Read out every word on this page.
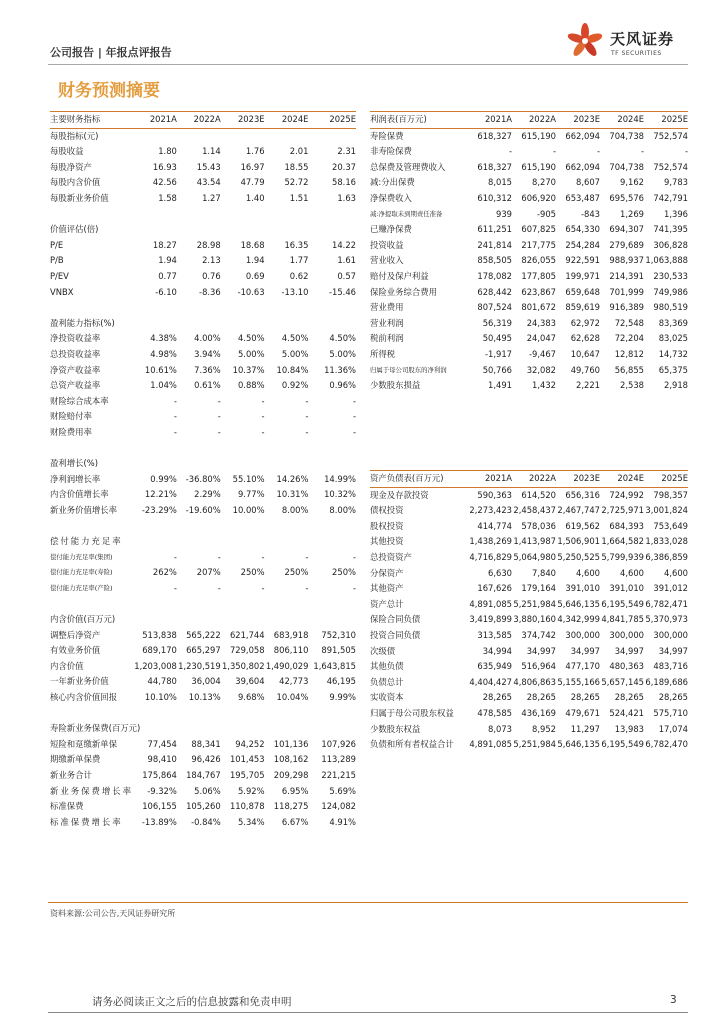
公司报告 | 年报点评报告
天风证券
TF SECURITIES
财务预测摘要
主要财务指标	2021A	2022A	2023E	2024E	2025E
每股指标(元)					
每股收益	1.80	1.14	1.76	2.01	2.31
每股净资产	16.93	15.43	16.97	18.55	20.37
每股内含价值	42.56	43.54	47.79	52.72	58.16
每股新业务价值	1.58	1.27	1.40	1.51	1.63

价值评估(倍)					
P/E	18.27	28.98	18.68	16.35	14.22
P/B	1.94	2.13	1.94	1.77	1.61
P/EV	0.77	0.76	0.69	0.62	0.57
VNBX	-6.10	-8.36	-10.63	-13.10	-15.46

盈利能力指标(%)					
净投资收益率	4.38%	4.00%	4.50%	4.50%	4.50%
总投资收益率	4.98%	3.94%	5.00%	5.00%	5.00%
净资产收益率	10.61%	7.36%	10.37%	10.84%	11.36%
总资产收益率	1.04%	0.61%	0.88%	0.92%	0.96%
财险综合成本率	-	-	-	-	-
财险赔付率	-	-	-	-	-
财险费用率	-	-	-	-	-

盈利增长(%)					
净利润增长率	0.99%	-36.80%	55.10%	14.26%	14.99%
内含价值增长率	12.21%	2.29%	9.77%	10.31%	10.32%
新业务价值增长率	-23.29%	-19.60%	10.00%	8.00%	8.00%

偿付能力充足率					
偿付能力充足率(集团)	-	-	-	-	-
偿付能力充足率(寿险)	262%	207%	250%	250%	250%
偿付能力充足率(产险)	-	-	-	-	-

内含价值(百万元)					
调整后净资产	513,838	565,222	621,744	683,918	752,310
有效业务价值	689,170	665,297	729,058	806,110	891,505
内含价值	1,203,008	1,230,519	1,350,802	1,490,029	1,643,815
一年新业务价值	44,780	36,004	39,604	42,773	46,195
核心内含价值回报	10.10%	10.13%	9.68%	10.04%	9.99%

寿险新业务保费(百万元)					
短险和趸缴新单保	77,454	88,341	94,252	101,136	107,926
期缴新单保费	98,410	96,426	101,453	108,162	113,289
新业务合计	175,864	184,767	195,705	209,298	221,215
新业务保费增长率	-9.32%	5.06%	5.92%	6.95%	5.69%
标准保费	106,155	105,260	110,878	118,275	124,082
标准保费增长率	-13.89%	-0.84%	5.34%	6.67%	4.91%
利润表(百万元)	2021A	2022A	2023E	2024E	2025E
寿险保费	618,327	615,190	662,094	704,738	752,574
非寿险保费	-	-	-	-	-
总保费及管理费收入	618,327	615,190	662,094	704,738	752,574
减:分出保费	8,015	8,270	8,607	9,162	9,783
净保费收入	610,312	606,920	653,487	695,576	742,791
减:净提取未到期责任准备	939	-905	-843	1,269	1,396
已赚净保费	611,251	607,825	654,330	694,307	741,395
投资收益	241,814	217,775	254,284	279,689	306,828
营业收入	858,505	826,055	922,591	988,937	1,063,888
赔付及保户利益	178,082	177,805	199,971	214,391	230,533
保险业务综合费用	628,442	623,867	659,648	701,999	749,986
营业费用	807,524	801,672	859,619	916,389	980,519
营业利润	56,319	24,383	62,972	72,548	83,369
税前利润	50,495	24,047	62,628	72,204	83,025
所得税	-1,917	-9,467	10,647	12,812	14,732
归属于母公司股东的净利润	50,766	32,082	49,760	56,855	65,375
少数股东损益	1,491	1,432	2,221	2,538	2,918
资产负债表(百万元)	2021A	2022A	2023E	2024E	2025E
现金及存款投资	590,363	614,520	656,316	724,992	798,357
债权投资	2,273,423	2,458,437	2,467,747	2,725,971	3,001,824
股权投资	414,774	578,036	619,562	684,393	753,649
其他投资	1,438,269	1,413,987	1,506,901	1,664,582	1,833,028
总投资资产	4,716,829	5,064,980	5,250,525	5,799,939	6,386,859
分保资产	6,630	7,840	4,600	4,600	4,600
其他资产	167,626	179,164	391,010	391,010	391,012
资产总计	4,891,085	5,251,984	5,646,135	6,195,549	6,782,471
保险合同负债	3,419,899	3,880,160	4,342,999	4,841,785	5,370,973
投资合同负债	313,585	374,742	300,000	300,000	300,000
次级债	34,994	34,997	34,997	34,997	34,997
其他负债	635,949	516,964	477,170	480,363	483,716
负债总计	4,404,427	4,806,863	5,155,166	5,657,145	6,189,686
实收资本	28,265	28,265	28,265	28,265	28,265
归属于母公司股东权益	478,585	436,169	479,671	524,421	575,710
少数股东权益	8,073	8,952	11,297	13,983	17,074
负债和所有者权益合计	4,891,085	5,251,984	5,646,135	6,195,549	6,782,470
资料来源:公司公告,天风证券研究所
请务必阅读正文之后的信息披露和免责申明	3
